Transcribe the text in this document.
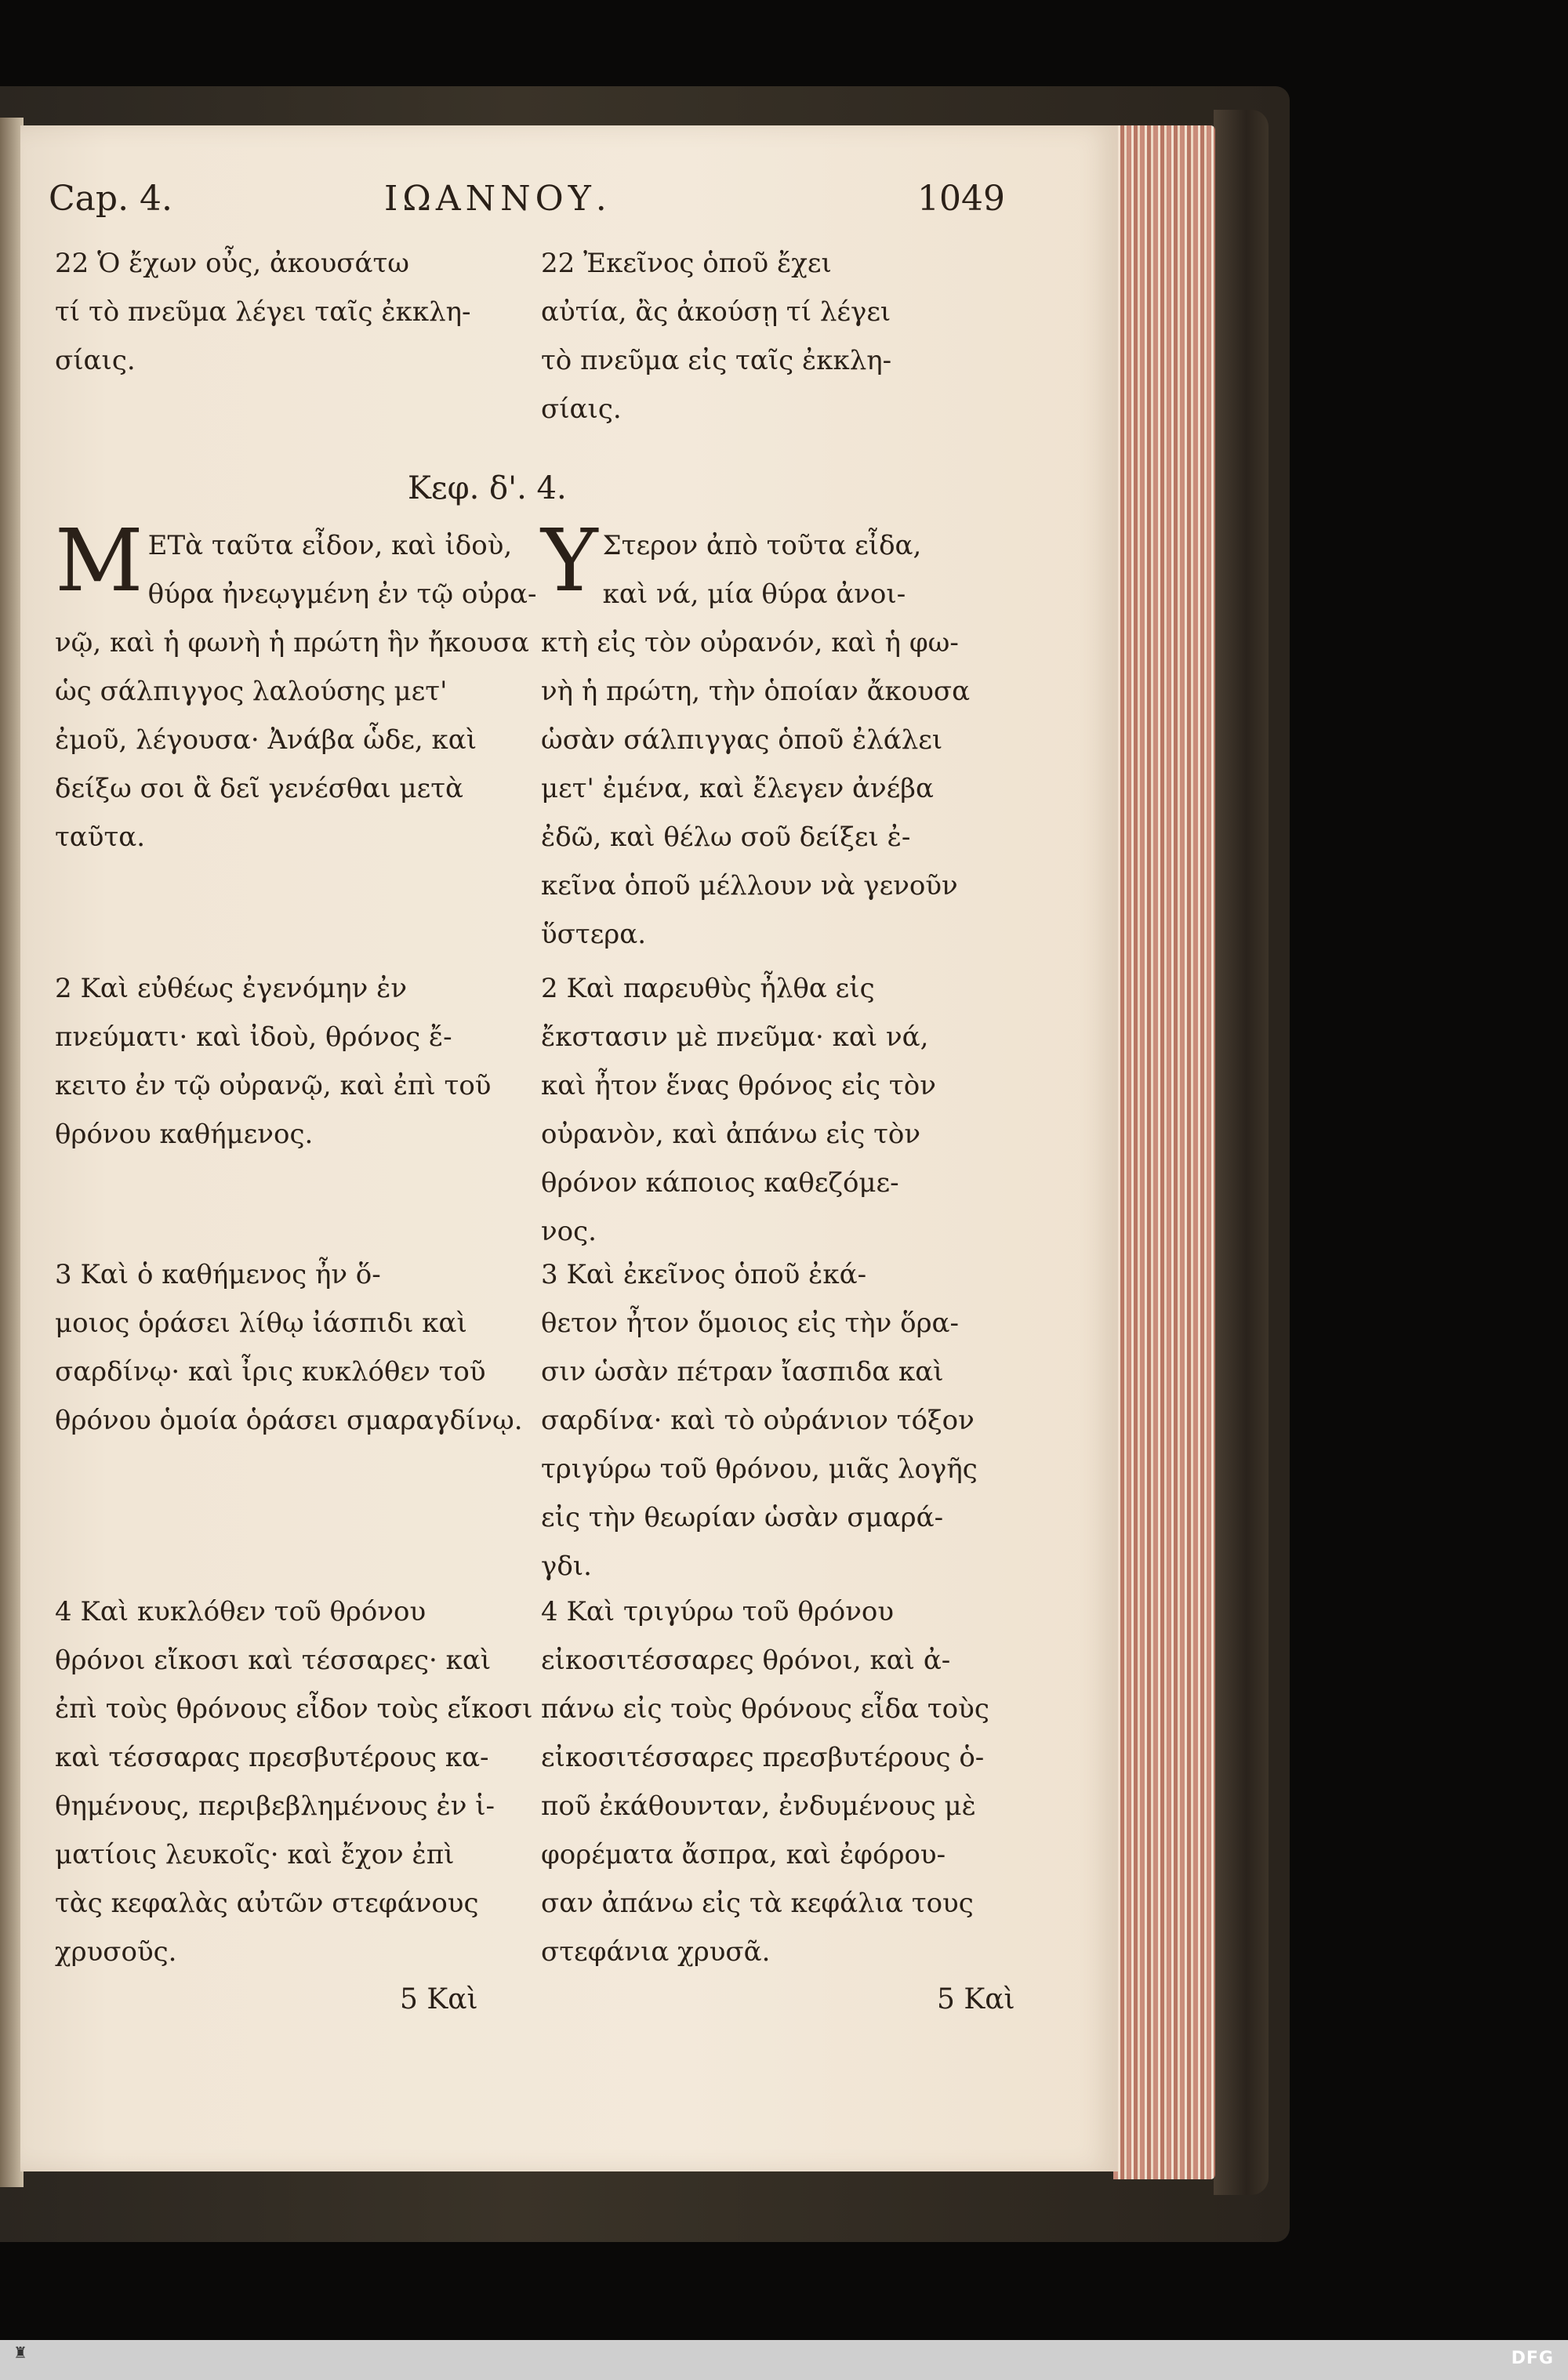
Cap. 4.	ΙΩΑΝΝΟΥ.	1049
22 Ὁ ἔχων οὖς, ἀκουσάτω
τί τὸ πνεῦμα λέγει ταῖς ἐκκλη-
σίαις.
22 Ἐκεῖνος ὁποῦ ἔχει
αὐτία, ἂς ἀκούσῃ τί λέγει
τὸ πνεῦμα εἰς ταῖς ἐκκλη-
σίαις.
Κεφ. δ'. 4.
Μ ΕΤὰ ταῦτα εἶδον, καὶ ἰδοὺ,
θύρα ἠνεῳγμένη ἐν τῷ οὐρα-
νῷ, καὶ ἡ φωνὴ ἡ πρώτη ἣν ἤκουσα
ὡς σάλπιγγος λαλούσης μετ'
ἐμοῦ, λέγουσα· Ἀνάβα ὧδε, καὶ
δείξω σοι ἃ δεῖ γενέσθαι μετὰ
ταῦτα.
Υ Στερον ἀπὸ τοῦτα εἶδα,
καὶ νά, μία θύρα ἀνοι-
κτὴ εἰς τὸν οὐρανόν, καὶ ἡ φω-
νὴ ἡ πρώτη, τὴν ὁποίαν ἄκουσα
ὡσὰν σάλπιγγας ὁποῦ ἐλάλει
μετ' ἐμένα, καὶ ἔλεγεν ἀνέβα
ἐδῶ, καὶ θέλω σοῦ δείξει ἐ-
κεῖνα ὁποῦ μέλλουν νὰ γενοῦν
ὕστερα.
2 Καὶ εὐθέως ἐγενόμην ἐν
πνεύματι· καὶ ἰδοὺ, θρόνος ἔ-
κειτο ἐν τῷ οὐρανῷ, καὶ ἐπὶ τοῦ
θρόνου καθήμενος.
2 Καὶ παρευθὺς ἦλθα εἰς
ἔκστασιν μὲ πνεῦμα· καὶ νά,
καὶ ἦτον ἕνας θρόνος εἰς τὸν
οὐρανὸν, καὶ ἀπάνω εἰς τὸν
θρόνον κάποιος καθεζόμε-
νος.
3 Καὶ ὁ καθήμενος ἦν ὅ-
μοιος ὁράσει λίθῳ ἰάσπιδι καὶ
σαρδίνῳ· καὶ ἶρις κυκλόθεν τοῦ
θρόνου ὁμοία ὁράσει σμαραγδίνῳ.
3 Καὶ ἐκεῖνος ὁποῦ ἐκά-
θετον ἦτον ὅμοιος εἰς τὴν ὅρα-
σιν ὡσὰν πέτραν ἴασπιδα καὶ
σαρδίνα· καὶ τὸ οὐράνιον τόξον
τριγύρω τοῦ θρόνου, μιᾶς λογῆς
εἰς τὴν θεωρίαν ὡσὰν σμαρά-
γδι.
4 Καὶ κυκλόθεν τοῦ θρόνου
θρόνοι εἴκοσι καὶ τέσσαρες· καὶ
ἐπὶ τοὺς θρόνους εἶδον τοὺς εἴκοσι
καὶ τέσσαρας πρεσβυτέρους κα-
θημένους, περιβεβλημένους ἐν ἱ-
ματίοις λευκοῖς· καὶ ἔχον ἐπὶ
τὰς κεφαλὰς αὐτῶν στεφάνους
χρυσοῦς.
4 Καὶ τριγύρω τοῦ θρόνου
εἰκοσιτέσσαρες θρόνοι, καὶ ἀ-
πάνω εἰς τοὺς θρόνους εἶδα τοὺς
εἰκοσιτέσσαρες πρεσβυτέρους ὁ-
ποῦ ἐκάθουνταν, ἐνδυμένους μὲ
φορέματα ἄσπρα, καὶ ἐφόρου-
σαν ἀπάνω εἰς τὰ κεφάλια τους
στεφάνια χρυσᾶ.
5 Καὶ	5 Καὶ
♜	DFG
